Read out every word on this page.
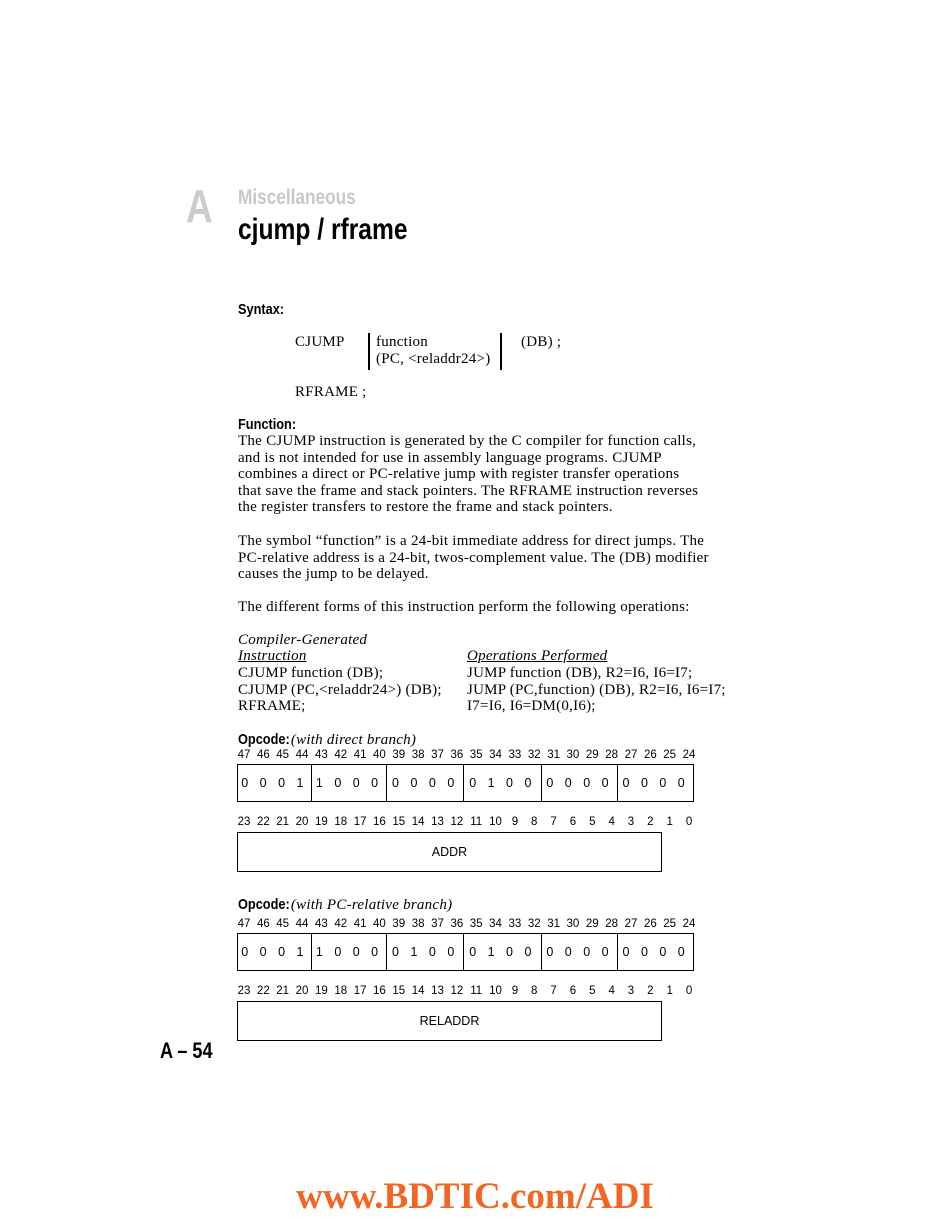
A Miscellaneous
cjump / rframe
Syntax:
CJUMP function
(PC, <reladdr24>)
(DB) ;
RFRAME ;
Function:
The CJUMP instruction is generated by the C compiler for function calls,
and is not intended for use in assembly language programs. CJUMP
combines a direct or PC-relative jump with register transfer operations
that save the frame and stack pointers. The RFRAME instruction reverses
the register transfers to restore the frame and stack pointers.
The symbol “function” is a 24-bit immediate address for direct jumps. The
PC-relative address is a 24-bit, twos-complement value. The (DB) modifier
causes the jump to be delayed.
The different forms of this instruction perform the following operations:
Compiler-Generated
Instruction	Operations Performed
CJUMP function (DB);	JUMP function (DB), R2=I6, I6=I7;
CJUMP (PC,<reladdr24>) (DB); JUMP (PC,function) (DB), R2=I6, I6=I7;
RFRAME;	I7=I6, I6=DM(0,I6);
Opcode:(with direct branch)
47 46 45 44 43 42 41 40 39 38 37 36 35 34 33 32 31 30 29 28 27 26 25 24
0 0 0 1 1 0 0 0 0 0 0 0 0 1 0 0 0 0 0 0 0 0 0 0
23 22 21 20 19 18 17 16 15 14 13 12 11 10 9 8 7 6 5 4 3 2 1 0
ADDR
Opcode:(with PC-relative branch)
47 46 45 44 43 42 41 40 39 38 37 36 35 34 33 32 31 30 29 28 27 26 25 24
0 0 0 1 1 0 0 0 0 1 0 0 0 1 0 0 0 0 0 0 0 0 0 0
23 22 21 20 19 18 17 16 15 14 13 12 11 10 9 8 7 6 5 4 3 2 1 0
RELADDR
A – 54
www.BDTIC.com/ADI
